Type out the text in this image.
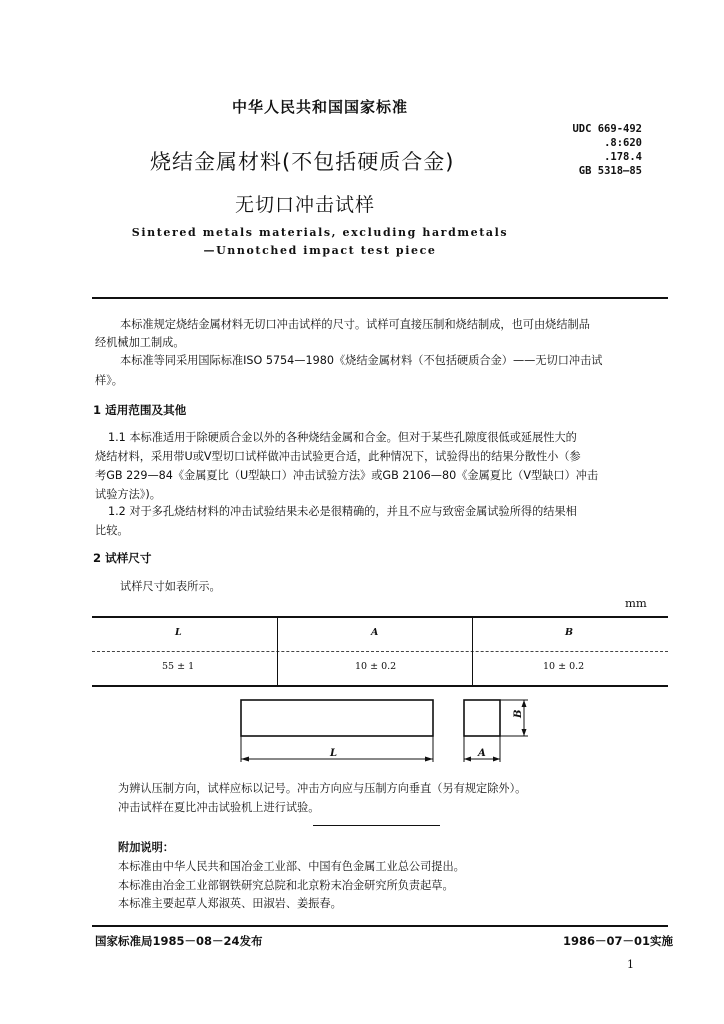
中华人民共和国国家标准
UDC 669-492
.8:620
.178.4
GB 5318—85
烧结金属材料(不包括硬质合金)
无切口冲击试样
Sintered metals materials, excluding hardmetals
—Unnotched impact test piece
本标准规定烧结金属材料无切口冲击试样的尺寸。试样可直接压制和烧结制成，也可由烧结制品
经机械加工制成。
本标准等同采用国际标准ISO 5754—1980《烧结金属材料（不包括硬质合金）——无切口冲击试
样》。
1 适用范围及其他
1.1 本标准适用于除硬质合金以外的各种烧结金属和合金。但对于某些孔隙度很低或延展性大的
烧结材料，采用带U或V型切口试样做冲击试验更合适，此种情况下，试验得出的结果分散性小（参
考GB 229—84《金属夏比（U型缺口）冲击试验方法》或GB 2106—80《金属夏比（V型缺口）冲击
试验方法》)。
1.2 对于多孔烧结材料的冲击试验结果未必是很精确的，并且不应与致密金属试验所得的结果相
比较。
2 试样尺寸
试样尺寸如表所示。
mm
L	A	B
55 ± 1	10 ± 0.2	10 ± 0.2
L	A
B
为辨认压制方向，试样应标以记号。冲击方向应与压制方向垂直（另有规定除外）。
冲击试样在夏比冲击试验机上进行试验。
附加说明：
本标准由中华人民共和国冶金工业部、中国有色金属工业总公司提出。
本标准由冶金工业部钢铁研究总院和北京粉末冶金研究所负责起草。
本标准主要起草人郑淑英、田淑岩、姜振春。
国家标准局1985－08－24发布	1986－07－01实施
1
